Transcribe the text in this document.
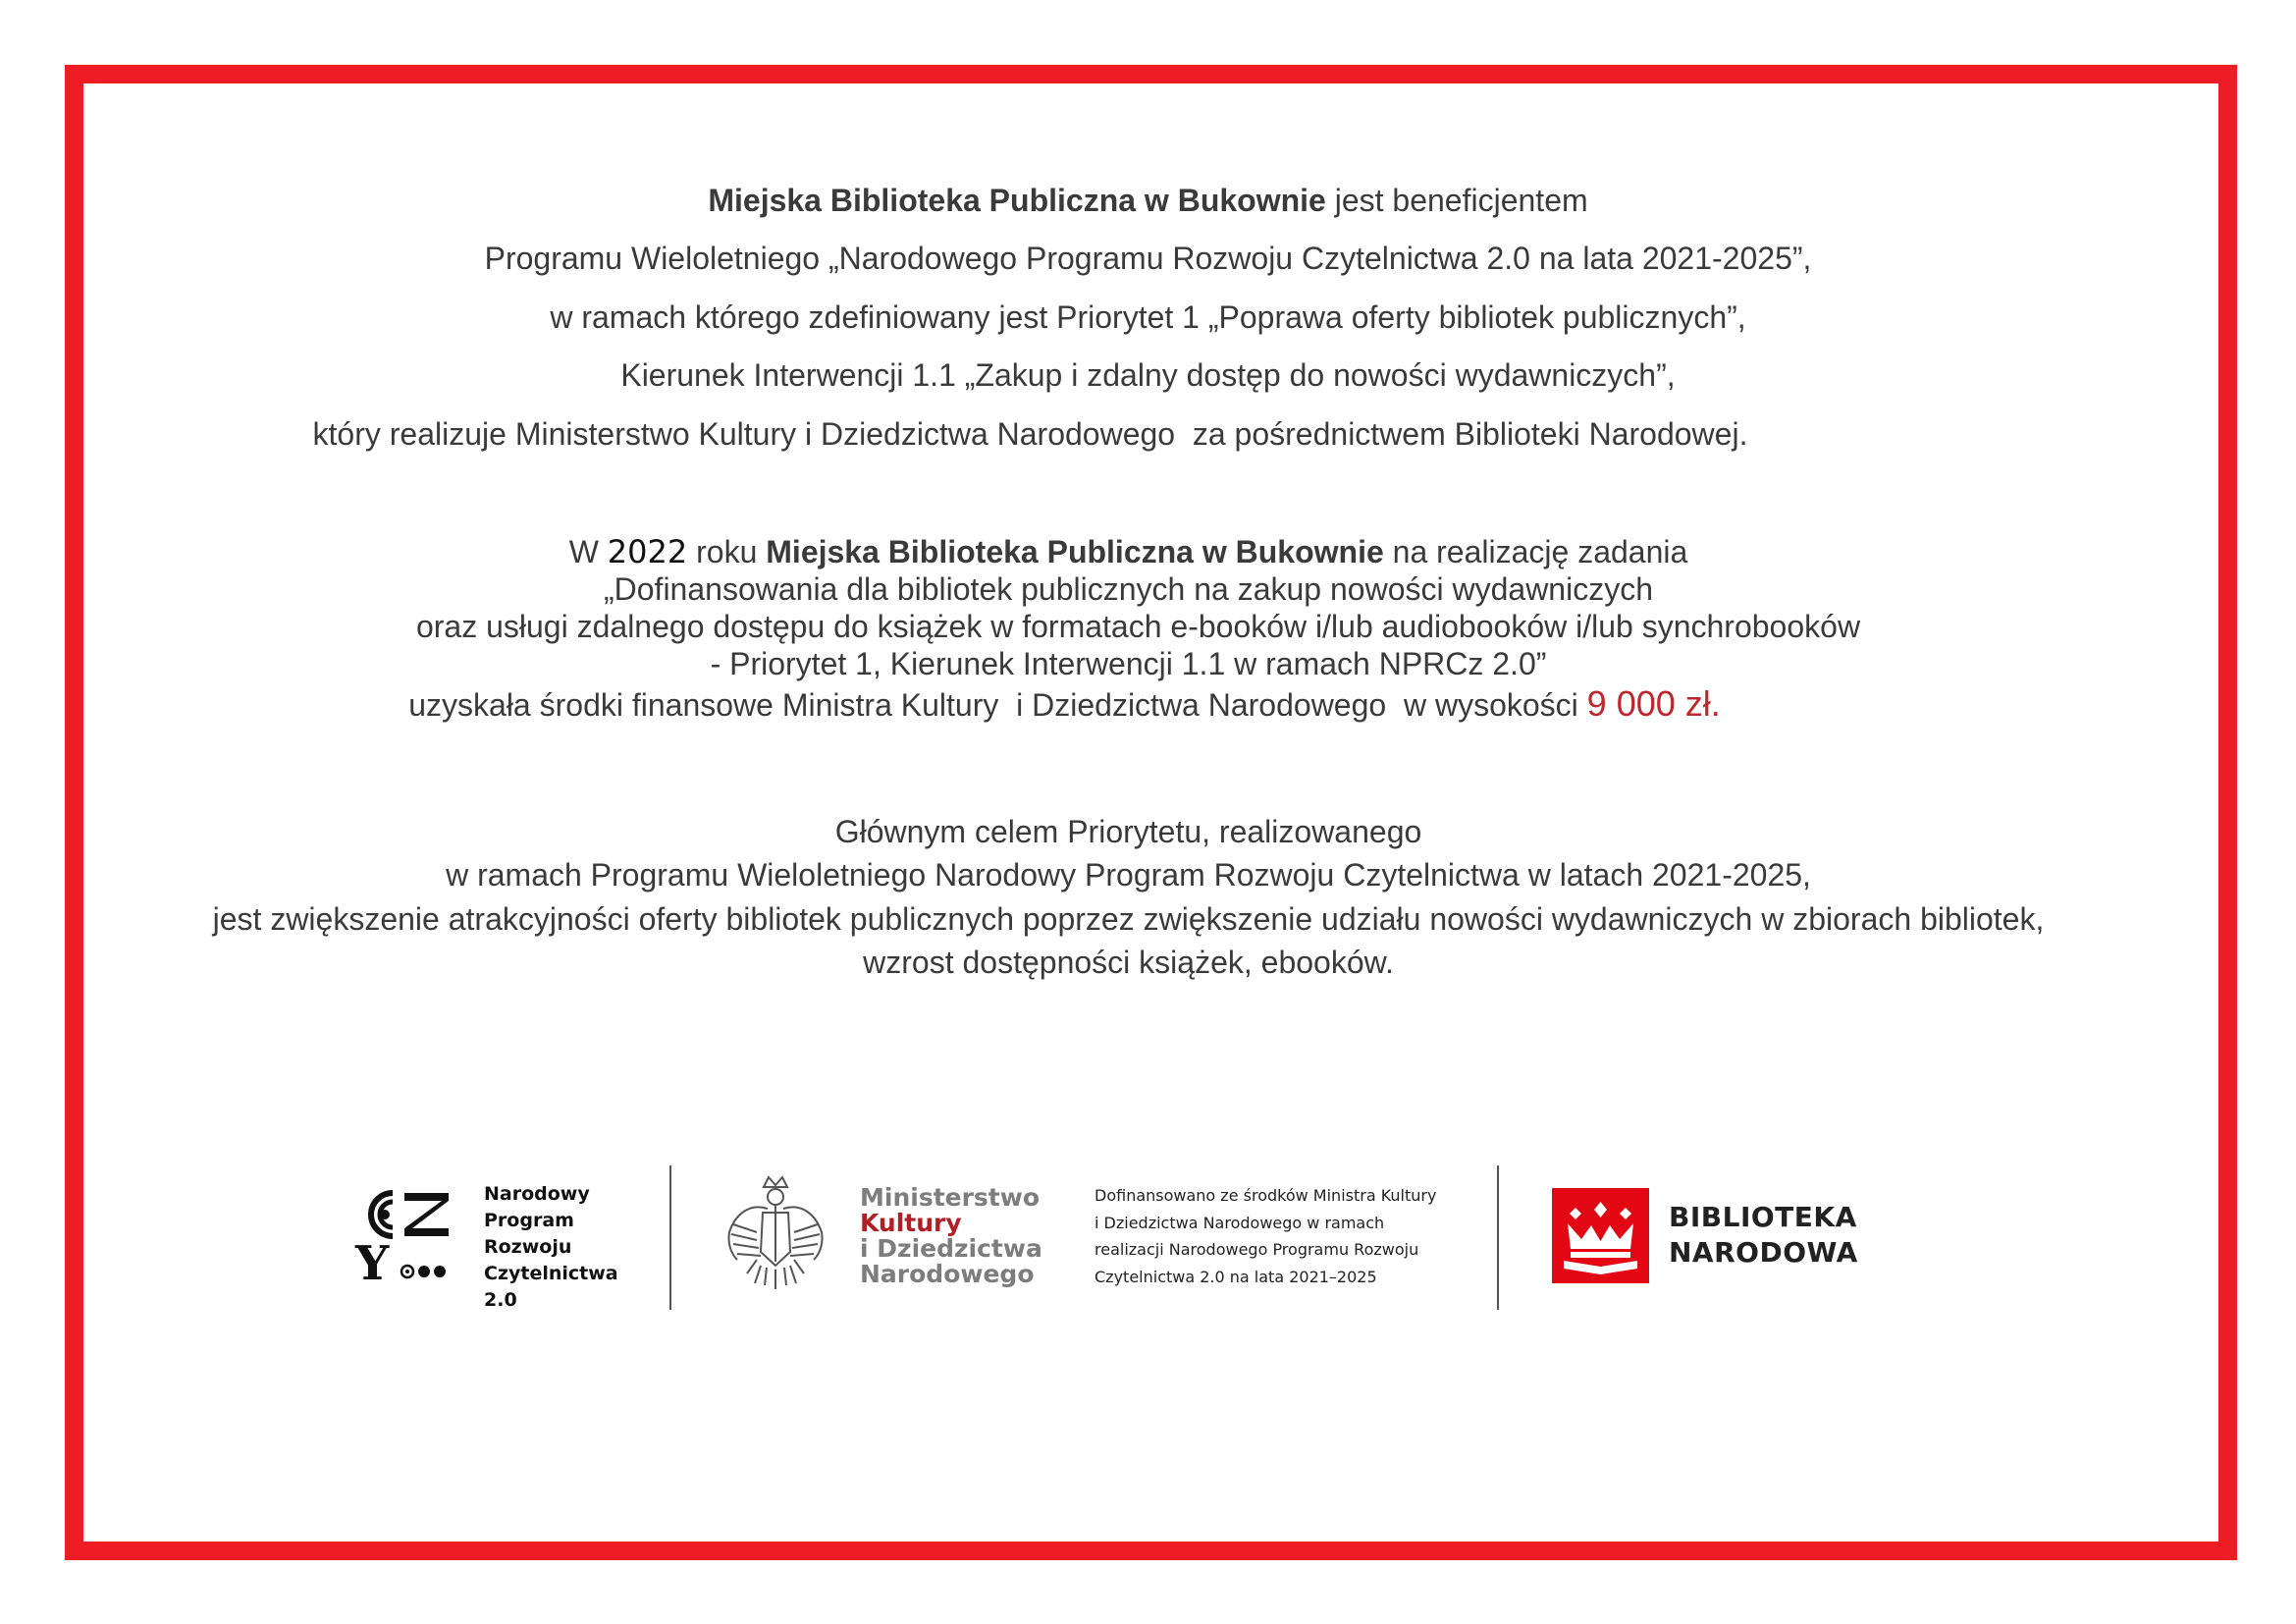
Miejska Biblioteka Publiczna w Bukownie jest beneficjentem
Programu Wieloletniego „Narodowego Programu Rozwoju Czytelnictwa 2.0 na lata 2021-2025”,
w ramach którego zdefiniowany jest Priorytet 1 „Poprawa oferty bibliotek publicznych”,
Kierunek Interwencji 1.1 „Zakup i zdalny dostęp do nowości wydawniczych”,
który realizuje Ministerstwo Kultury i Dziedzictwa Narodowego za pośrednictwem Biblioteki Narodowej.
W 2022 roku Miejska Biblioteka Publiczna w Bukownie na realizację zadania
„Dofinansowania dla bibliotek publicznych na zakup nowości wydawniczych
oraz usługi zdalnego dostępu do książek w formatach e-booków i/lub audiobooków i/lub synchrobooków
- Priorytet 1, Kierunek Interwencji 1.1 w ramach NPRCz 2.0”
uzyskała środki finansowe Ministra Kultury i Dziedzictwa Narodowego w wysokości 9 000 zł.
Głównym celem Priorytetu, realizowanego
w ramach Programu Wieloletniego Narodowy Program Rozwoju Czytelnictwa w latach 2021-2025,
jest zwiększenie atrakcyjności oferty bibliotek publicznych poprzez zwiększenie udziału nowości wydawniczych w zbiorach bibliotek,
wzrost dostępności książek, ebooków.
Y
Narodowy
Program
Rozwoju
Czytelnictwa
2.0
Ministerstwo
Kultury
i Dziedzictwa
Narodowego
Dofinansowano ze środków Ministra Kultury
i Dziedzictwa Narodowego w ramach
realizacji Narodowego Programu Rozwoju
Czytelnictwa 2.0 na lata 2021–2025
BIBLIOTEKA
NARODOWA
